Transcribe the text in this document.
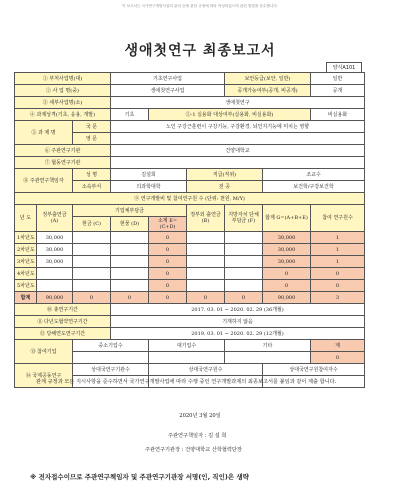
이 보고서는 국가연구개발사업의 관리 등에 관한 규정에 따라 작성되었으며 관련 법령을 준수합니다.
생애첫연구 최종보고서
양식A101
① 부처사업명(대)			기초연구사업			보안등급(보안, 일반)		일반
② 사 업 명(중)			생애첫연구사업			공개가능여부(공개, 비공개)		공개
③ 세부사업명(소)			생애첫연구					
④ 과제성격(기초, 응용, 개발)			기초	⑤-1 실용화 대상여부(실용화, 비실용화)				비실용화
⑤ 과 제 명		국 문	노인 구강근훈련이 구강기능, 구강환경, 뇌인지기능에 미치는 영향					
		영 문						
⑥ 주관연구기관			건양대학교					
⑦ 협동연구기관								
⑧ 주관연구책임자		성 명	김설희		직급(직위)		조교수	
		소속부서	의과학대학		전 공		보건학/구강보건학	
⑨ 연구개발비 및 참여연구원 수 (단위: 천원, M/Y)								
년 도	정부출연금 (A)	기업체부담금			정부외 출연금 (B)	지방자치 단체 부담금 (F)	합계 G=(A+B+E)	참여 연구원수
		현금 (C)	현물 (D)	소계 E=(C+D)				
1차년도	30,000			0			30,000	1
2차년도	30,000			0			30,000	1
3차년도	30,000			0			30,000	1
4차년도				0			0	0
5차년도				0			0	0
합계	90,000	0	0	0	0	0	90,000	3
⑩ 총연구기간			2017. 03. 01 ~ 2020. 02. 29 (36개월)					
⑪ 다년도협약연구기간			기재하지 않음					
⑫ 당해연도연구기간			2019. 03. 01 ~ 2020. 02. 29 (12개월)					
⑬ 참여기업		중소기업수		대기업수		기타		계
								0
⑭ 국제공동연구		상대국연구기관수		상대국연구원수			상대국연구원참여자수	

관계 규정과 모든 지시사항을 준수하면서 국가연구개발사업에 따라 수행 중인 연구개발과제의 최종보고서를 붙임과 같이 제출 합니다.
2020년 3월 20일
주관연구책임자 : 김 설 희
주관연구기관장 : 건양대학교 산학협력단장
※ 전자접수이므로 주관연구책임자 및 주관연구기관장 서명(인, 직인)은 생략
